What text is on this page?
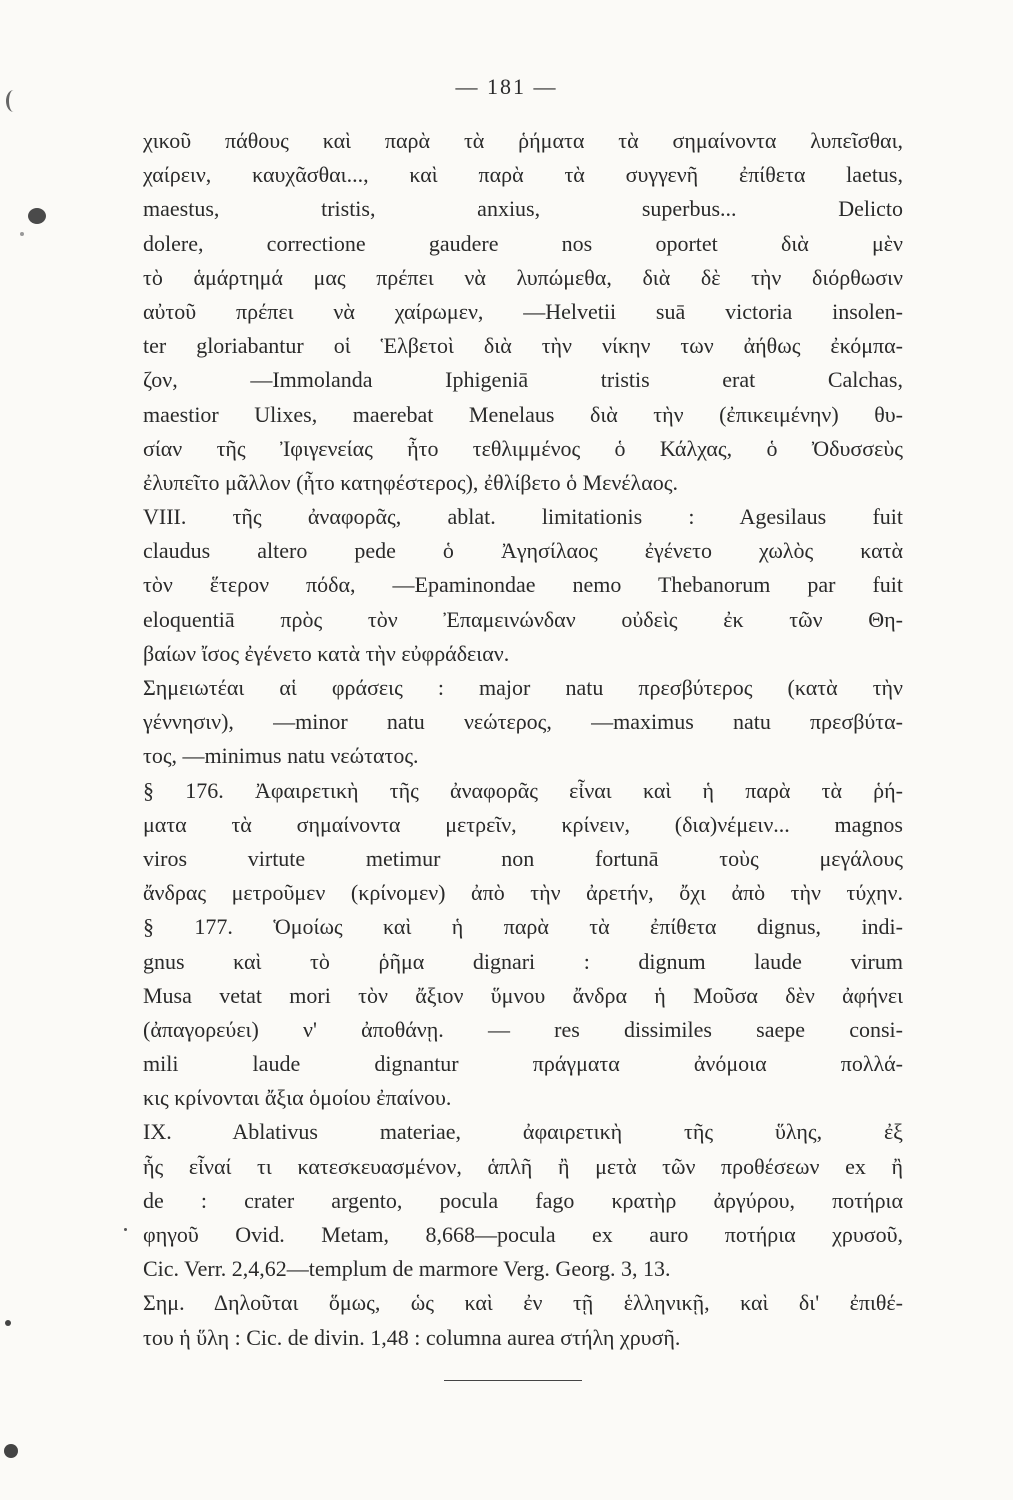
— 181 —
χικοῦ πάθους καὶ παρὰ τὰ ῥήματα τὰ σημαίνοντα λυπεῖσθαι,
χαίρειν, καυχᾶσθαι..., καὶ παρὰ τὰ συγγενῆ ἐπίθετα laetus,
maestus, tristis, anxius, superbus... Delicto
dolere, correctione gaudere nos oportet διὰ μὲν
τὸ ἁμάρτημά μας πρέπει νὰ λυπώμεθα, διὰ δὲ τὴν διόρθωσιν
αὐτοῦ πρέπει νὰ χαίρωμεν, —Helvetii suā victoria insolen-
ter gloriabantur οἱ Ἑλβετοὶ διὰ τὴν νίκην των ἀήθως ἐκόμπα-
ζον, —Immolanda Iphigeniā tristis erat Calchas,
maestior Ulixes, maerebat Menelaus διὰ τὴν (ἐπικειμένην) θυ-
σίαν τῆς Ἰφιγενείας ἦτο τεθλιμμένος ὁ Κάλχας, ὁ Ὀδυσσεὺς
ἐλυπεῖτο μᾶλλον (ἦτο κατηφέστερος), ἐθλίβετο ὁ Μενέλαος.
VIII. τῆς ἀναφορᾶς, ablat. limitationis : Agesilaus fuit
claudus altero pede ὁ Ἀγησίλαος ἐγένετο χωλὸς κατὰ
τὸν ἕτερον πόδα, —Epaminondae nemo Thebanorum par fuit
eloquentiā πρὸς τὸν Ἐπαμεινώνδαν οὐδεὶς ἐκ τῶν Θη-
βαίων ἴσος ἐγένετο κατὰ τὴν εὐφράδειαν.
Σημειωτέαι αἱ φράσεις : major natu πρεσβύτερος (κατὰ τὴν
γέννησιν), —minor natu νεώτερος, —maximus natu πρεσβύτα-
τος, —minimus natu νεώτατος.
§ 176. Ἀφαιρετικὴ τῆς ἀναφορᾶς εἶναι καὶ ἡ παρὰ τὰ ῥή-
ματα τὰ σημαίνοντα μετρεῖν, κρίνειν, (δια)νέμειν... magnos
viros virtute metimur non fortunā τοὺς μεγάλους
ἄνδρας μετροῦμεν (κρίνομεν) ἀπὸ τὴν ἀρετήν, ὄχι ἀπὸ τὴν τύχην.
§ 177. Ὁμοίως καὶ ἡ παρὰ τὰ ἐπίθετα dignus, indi-
gnus καὶ τὸ ῥῆμα dignari : dignum laude virum
Musa vetat mori τὸν ἄξιον ὕμνου ἄνδρα ἡ Μοῦσα δὲν ἀφήνει
(ἀπαγορεύει) ν' ἀποθάνῃ. — res dissimiles saepe consi-
mili laude dignantur πράγματα ἀνόμοια πολλά-
κις κρίνονται ἄξια ὁμοίου ἐπαίνου.
IX. Ablativus materiae, ἀφαιρετικὴ τῆς ὕλης, ἐξ
ἧς εἶναί τι κατεσκευασμένον, ἁπλῆ ἢ μετὰ τῶν προθέσεων ex ἢ
de : crater argento, pocula fago κρατὴρ ἀργύρου, ποτήρια
φηγοῦ Ovid. Metam, 8,668—pocula ex auro ποτήρια χρυσοῦ,
Cic. Verr. 2,4,62—templum de marmore Verg. Georg. 3, 13.
Σημ. Δηλοῦται ὅμως, ὡς καὶ ἐν τῇ ἑλληνικῇ, καὶ δι' ἐπιθέ-
του ἡ ὕλη : Cic. de divin. 1,48 : columna aurea στήλη χρυσῆ.
